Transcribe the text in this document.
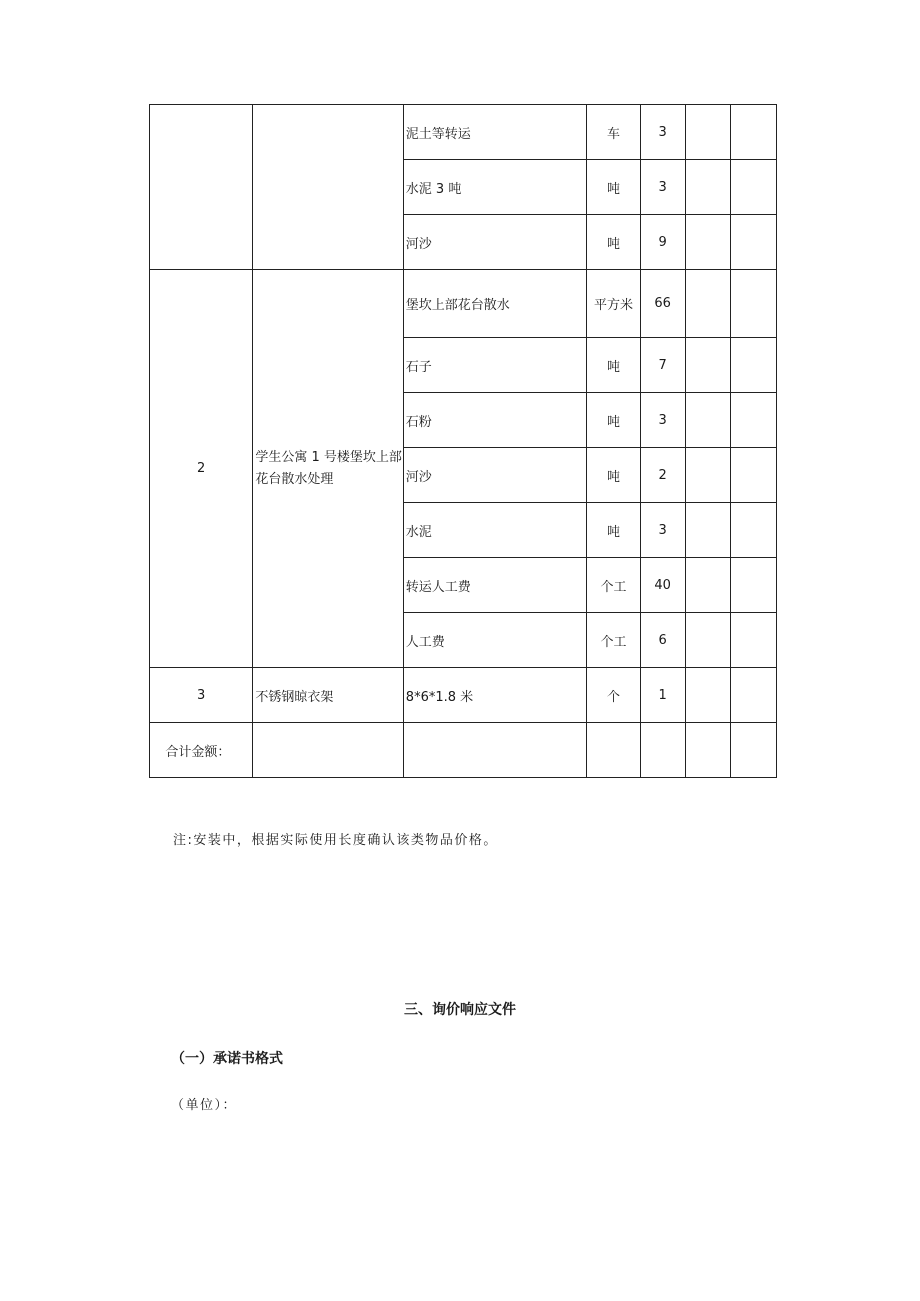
		泥土等转运	车	3		
		水泥 3 吨	吨	3		
		河沙	吨	9		
2	学生公寓 1 号楼堡坎上部花台散水处理	堡坎上部花台散水	平方米	66		
		石子	吨	7		
		石粉	吨	3		
		河沙	吨	2		
		水泥	吨	3		
		转运人工费	个工	40		
		人工费	个工	6		
3	不锈钢晾衣架	8*6*1.8 米	个	1		
合计金额：						
注:安装中，根据实际使用长度确认该类物品价格。
三、询价响应文件
（一）承诺书格式
（单位）：
